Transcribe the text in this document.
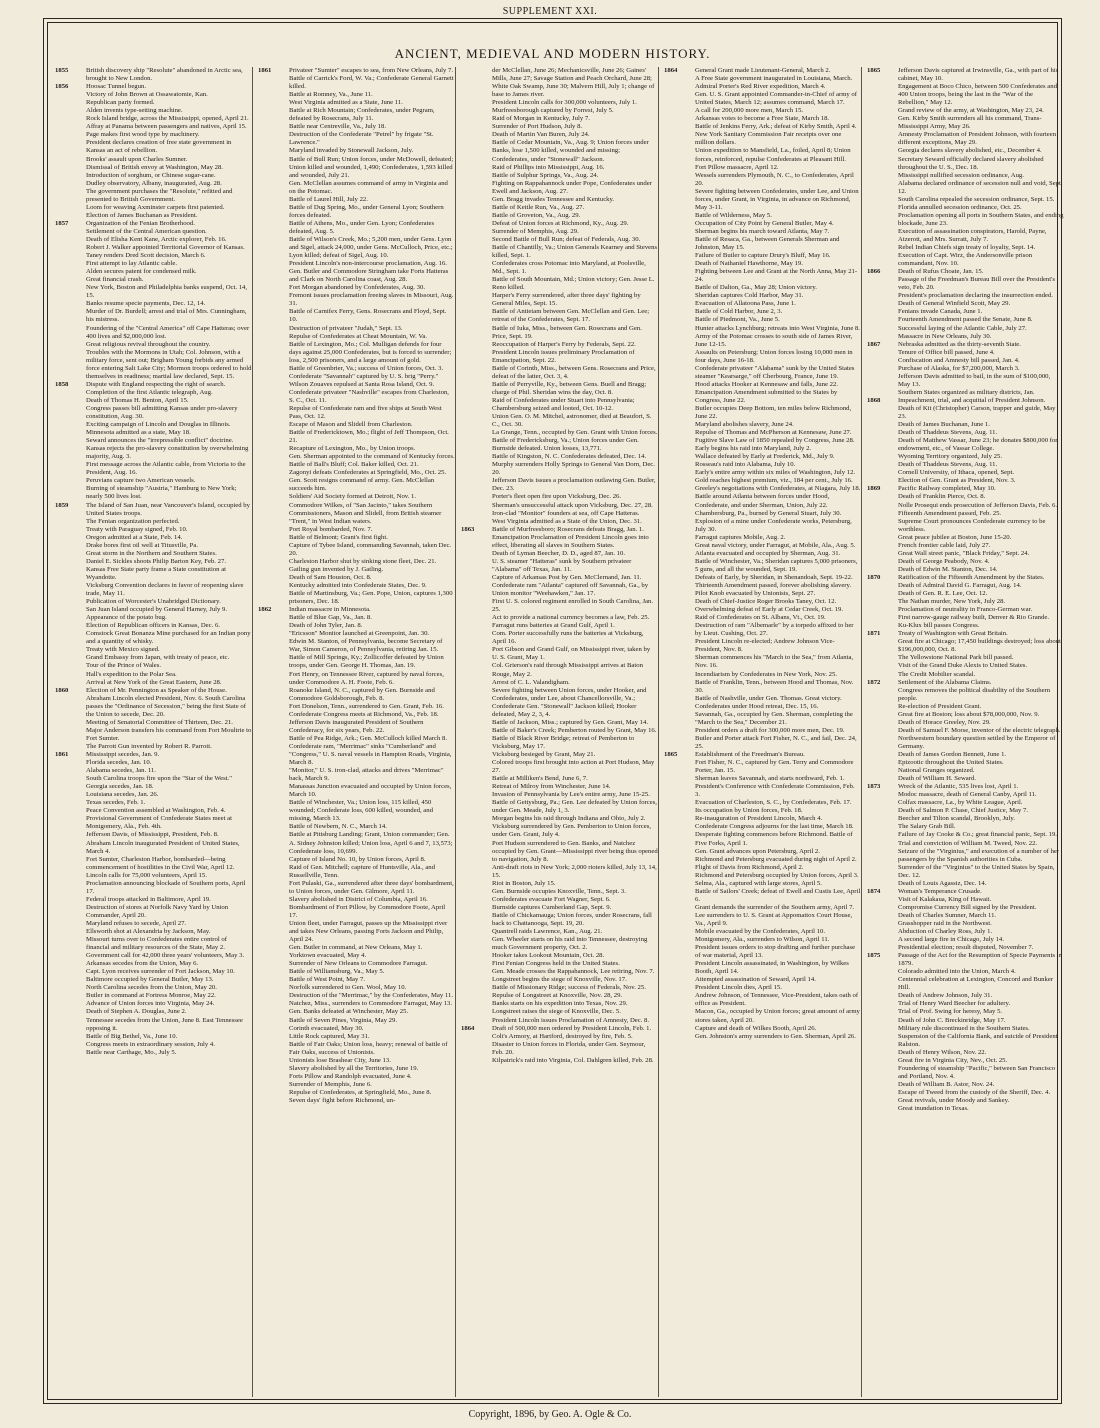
SUPPLEMENT XXI.
ANCIENT, MEDIEVAL AND MODERN HISTORY.
1855	British discovery ship "Resolute" abandoned in Arctic sea, brought to New London.
1856	Hoosac Tunnel begun.
Victory of John Brown at Ossawatomie, Kan.
Republican party formed.
Alden invents type-setting machine.
Rock Island bridge, across the Mississippi, opened, April 21.
Affray at Panama between passengers and natives, April 15.
Page makes first wood type by machinery.
President declares creation of free state government in Kansas an act of rebellion.
Brooks' assault upon Charles Sumner.
Dismissal of British envoy at Washington, May 28.
Introduction of sorghum, or Chinese sugar-cane.
Dudley observatory, Albany, inaugurated, Aug. 28.
The government purchases the "Resolute," refitted and presented to British Government.
Loom for weaving Axminster carpets first patented.
Election of James Buchanan as President.
1857	Organization of the Fenian Brotherhood.
Settlement of the Central American question.
Death of Elisha Kent Kane, Arctic explorer, Feb. 16.
Robert J. Walker appointed Territorial Governor of Kansas.
Taney renders Dred Scott decision, March 6.
First attempt to lay Atlantic cable.
Alden secures patent for condensed milk.
Great financial crash.
New York, Boston and Philadelphia banks suspend, Oct. 14, 15.
Banks resume specie payments, Dec. 12, 14.
Murder of Dr. Burdell; arrest and trial of Mrs. Cunningham, his mistress.
Foundering of the "Central America" off Cape Hatteras; over 400 lives and $2,000,000 lost.
Great religious revival throughout the country.
Troubles with the Mormons in Utah; Col. Johnson, with a military force, sent out; Brigham Young forbids any armed force entering Salt Lake City; Mormon troops ordered to hold themselves in readiness; martial law declared, Sept. 15.
1858	Dispute with England respecting the right of search.
Completion of the first Atlantic telegraph, Aug.
Death of Thomas H. Benton, April 15.
Congress passes bill admitting Kansas under pro-slavery constitution, Aug. 30.
Exciting campaign of Lincoln and Douglas in Illinois.
Minnesota admitted as a state, May 18.
Seward announces the "irrepressible conflict" doctrine.
Kansas rejects the pro-slavery constitution by overwhelming majority, Aug. 3.
First message across the Atlantic cable, from Victoria to the President, Aug. 16.
Peruvians capture two American vessels.
Burning of steamship "Austria," Hamburg to New York; nearly 500 lives lost.
1859	The Island of San Juan, near Vancouver's Island, occupied by United States troops.
The Fenian organization perfected.
Treaty with Paraguay signed, Feb. 10.
Oregon admitted at a State, Feb. 14.
Drake bores first oil well at Titusville, Pa.
Great storm in the Northern and Southern States.
Daniel E. Sickles shoots Philip Barton Key, Feb. 27.
Kansas Free State party frame a State constitution at Wyandotte.
Vicksburg Convention declares in favor of reopening slave trade, May 11.
Publication of Worcester's Unabridged Dictionary.
San Juan Island occupied by General Harney, July 9.
Appearance of the potato bug.
Election of Republican officers in Kansas, Dec. 6.
Comstock Great Bonanza Mine purchased for an Indian pony and a quantity of whisky.
Treaty with Mexico signed.
Grand Embassy from Japan, with treaty of peace, etc.
Tour of the Prince of Wales.
Hall's expedition to the Polar Sea.
Arrival at New York of the Great Eastern, June 28.
1860	Election of Mr. Pennington as Speaker of the House.
Abraham Lincoln elected President, Nov. 6. South Carolina passes the "Ordinance of Secession," being the first State of the Union to secede, Dec. 20.
Meeting of Senatorial Committee of Thirteen, Dec. 21.
Major Anderson transfers his command from Fort Moultrie to Fort Sumter.
The Parrott Gun invented by Robert R. Parrott.
1861	Mississippi secedes, Jan. 9.
Florida secedes, Jan. 10.
Alabama secedes, Jan. 11.
South Carolina troops fire upon the "Star of the West."
Georgia secedes, Jan. 18.
Louisiana secedes, Jan. 26.
Texas secedes, Feb. 1.
Peace Convention assembled at Washington, Feb. 4.
Provisional Government of Confederate States meet at Montgomery, Ala., Feb. 4th.
Jefferson Davis, of Mississippi, President, Feb. 8.
Abraham Lincoln inaugurated President of United States, March 4.
Fort Sumter, Charleston Harbor, bombarded—being commencement of hostilities in the Civil War, April 12.
Lincoln calls for 75,000 volunteers, April 15.
Proclamation announcing blockade of Southern ports, April 17.
Federal troops attacked in Baltimore, April 19.
Destruction of stores at Norfolk Navy Yard by Union Commander, April 20.
Maryland refuses to secede, April 27.
Ellsworth shot at Alexandria by Jackson, May.
Missouri turns over to Confederates entire control of financial and military resources of the State, May 2.
Government call for 42,000 three years' volunteers, May 3.
Arkansas secedes from the Union, May 6.
Capt. Lyon receives surrender of Fort Jackson, May 10.
Baltimore occupied by General Butler, May 13.
North Carolina secedes from the Union, May 20.
Butler in command at Fortress Monroe, May 22.
Advance of Union forces into Virginia, May 24.
Death of Stephen A. Douglas, June 2.
Tennessee secedes from the Union, June 8. East Tennessee opposing it.
Battle of Big Bethel, Va., June 10.
Congress meets in extraordinary session, July 4.
Battle near Carthage, Mo., July 5.
1861	Privateer "Sumter" escapes to sea, from New Orleans, July 7.
Battle of Carrick's Ford, W. Va.; Confederate General Garnett killed.
Battle at Romney, Va., June 11.
West Virginia admitted as a State, June 11.
Battle at Rich Mountain; Confederates, under Pegram, defeated by Rosecrans, July 11.
Battle near Centreville, Va., July 18.
Destruction of the Confederate "Petrel" by frigate "St. Lawrence."
Maryland invaded by Stonewall Jackson, July.
Battle of Bull Run; Union forces, under McDowell, defeated; Union killed and wounded, 1,490; Confederates, 1,593 killed and wounded, July 21.
Gen. McClellan assumes command of army in Virginia and on the Potomac.
Battle of Laurel Hill, July 22.
Battle of Dug Spring, Mo., under General Lyon; Southern forces defeated.
Battle of Athens, Mo., under Gen. Lyon; Confederates defeated, Aug. 5.
Battle of Wilson's Creek, Mo.; 5,200 men, under Gens. Lyon and Sigel, attack 24,000, under Gens. McCulloch, Price, etc.; Lyon killed; defeat of Sigel, Aug. 10.
President Lincoln's non-intercourse proclamation, Aug. 16.
Gen. Butler and Commodore Stringham take Forts Hatteras and Clark on North Carolina coast, Aug. 28.
Fort Morgan abandoned by Confederates, Aug. 30.
Fremont issues proclamation freeing slaves in Missouri, Aug. 31.
Battle of Carnifex Ferry, Gens. Rosecrans and Floyd, Sept. 10.
Destruction of privateer "Judah," Sept. 13.
Repulse of Confederates at Cheat Mountain, W. Va.
Battle of Lexington, Mo.; Col. Mulligan defends for four days against 25,000 Confederates, but is forced to surrender; loss, 2,500 prisoners, and a large amount of gold.
Battle of Greenbrier, Va.; success of Union forces, Oct. 3.
Confederate "Savannah" captured by U. S. brig "Perry."
Wilson Zouaves repulsed at Santa Rosa Island, Oct. 9.
Confederate privateer "Nashville" escapes from Charleston, S. C., Oct. 11.
Repulse of Confederate ram and five ships at South West Pass, Oct. 12.
Escape of Mason and Slidell from Charleston.
Battle of Fredericktown, Mo.; flight of Jeff Thompson, Oct. 21.
Recapture of Lexington, Mo., by Union troops.
Gen. Sherman appointed to the command of Kentucky forces.
Battle of Ball's Bluff; Col. Baker killed, Oct. 21.
Zagonyi defeats Confederates at Springfield, Mo., Oct. 25.
Gen. Scott resigns command of army. Gen. McClellan succeeds him.
Soldiers' Aid Society formed at Detroit, Nov. 1.
Commodore Wilkes, of "San Jacinto," takes Southern Commissioners, Mason and Slidell, from British steamer "Trent," in West Indian waters.
Port Royal bombarded, Nov. 7.
Battle of Belmont; Grant's first fight.
Capture of Tybee Island, commanding Savannah, taken Dec. 20.
Charleston Harbor shut by sinking stone fleet, Dec. 21.
Gatling gun invented by J. Gatling.
Death of Sam Houston, Oct. 8.
Kentucky admitted into Confederate States, Dec. 9.
Battle of Martinsburg, Va.; Gen. Pope, Union, captures 1,300 prisoners, Dec. 18.
1862	Indian massacre in Minnesota.
Battle of Blue Gap, Va., Jan. 8.
Death of John Tyler, Jan. 8.
"Ericsson" Monitor launched at Greenpoint, Jan. 30.
Edwin M. Stanton, of Pennsylvania, become Secretary of War, Simon Cameron, of Pennsylvania, retiring Jan. 15.
Battle of Mill Springs, Ky.; Zollicoffer defeated by Union troops, under Gen. George H. Thomas, Jan. 19.
Fort Henry, on Tennessee River, captured by naval forces, under Commodore A. H. Foote, Feb. 6.
Roanoke Island, N. C., captured by Gen. Burnside and Commodore Goldsborough, Feb. 8.
Fort Donelson, Tenn., surrendered to Gen. Grant, Feb. 16.
Confederate Congress meets at Richmond, Va., Feb. 18.
Jefferson Davis inaugurated President of Southern Confederacy, for six years, Feb. 22.
Battle of Pea Ridge, Ark.; Gen. McCulloch killed March 8.
Confederate ram, "Merrimac" sinks "Cumberland" and "Congress," U. S. naval vessels in Hampton Roads, Virginia, March 8.
"Monitor," U. S. iron-clad, attacks and drives "Merrimac" back, March 9.
Manassas Junction evacuated and occupied by Union forces, March 10.
Battle of Winchester, Va.; Union loss, 115 killed, 450 wounded; Confederate loss, 600 killed, wounded, and missing, March 13.
Battle of Newbern, N. C., March 14.
Battle at Pittsburg Landing; Grant, Union commander; Gen. A. Sidney Johnston killed; Union loss, April 6 and 7, 13,573; Confederate loss, 10,699.
Capture of Island No. 10, by Union forces, April 8.
Raid of Gen. Mitchell; capture of Huntsville, Ala., and Russellville, Tenn.
Fort Pulaski, Ga., surrendered after three days' bombardment, to Union forces, under Gen. Gilmore, April 11.
Slavery abolished in District of Columbia, April 16.
Bombardment of Fort Pillow, by Commodore Foote, April 17.
Union fleet, under Farragut, passes up the Mississippi river and takes New Orleans, passing Forts Jackson and Philip, April 24.
Gen. Butler in command, at New Orleans, May 1.
Yorktown evacuated, May 4.
Surrender of New Orleans to Commodore Farragut.
Battle of Williamsburg, Va., May 5.
Battle of West Point, May 7.
Norfolk surrendered to Gen. Wool, May 10.
Destruction of the "Merrimac," by the Confederates, May 11.
Natchez, Miss., surrenders to Commodore Farragut, May 13.
Gen. Banks defeated at Winchester, May 25.
Battle of Seven Pines, Virginia, May 29.
Corinth evacuated, May 30.
Little Rock captured, May 31.
Battle of Fair Oaks; Union loss, heavy; renewal of battle of Fair Oaks, success of Unionists.
Unionists lose Brashear City, June 13.
Slavery abolished by all the Territories, June 19.
Forts Pillow and Randolph evacuated, June 4.
Surrender of Memphis, June 6.
Repulse of Confederates, at Springfield, Mo., June 8.
Seven days' fight before Richmond, un-
der McClellan, June 26; Mechanicsville, June 26; Gaines' Mills, June 27; Savage Station and Peach Orchard, June 28; White Oak Swamp, June 30; Malvern Hill, July 1; change of base to James river.
President Lincoln calls for 300,000 volunteers, July 1.
Murfreesborough captured by Forrest, July 5.
Raid of Morgan in Kentucky, July 7.
Surrender of Port Hudson, July 8.
Death of Martin Van Buren, July 24.
Battle of Cedar Mountain, Va., Aug. 9; Union forces under Banks, lose 1,500 killed, wounded and missing; Confederates, under "Stonewall" Jackson.
Raid of Phillips into Mississippi, Aug. 16.
Battle of Sulphur Springs, Va., Aug. 24.
Fighting on Rappahannock under Pope, Confederates under Ewell and Jackson, Aug. 27.
Gen. Bragg invades Tennessee and Kentucky.
Battle of Kettle Run, Va., Aug. 27.
Battle of Groveton, Va., Aug. 29.
Defeat of Union forces at Richmond, Ky., Aug. 29.
Surrender of Memphis, Aug. 29.
Second Battle of Bull Run; defeat of Federals, Aug. 30.
Battle of Chantilly, Va.; Union Generals Kearney and Stevens killed, Sept. 1.
Confederates cross Potomac into Maryland, at Poolsville, Md., Sept. 1.
Battle of South Mountain, Md.; Union victory; Gen. Jesse L. Reno killed.
Harper's Ferry surrendered, after three days' fighting by General Miles, Sept. 15.
Battle of Antietam between Gen. McClellan and Gen. Lee; retreat of the Confederates, Sept. 17.
Battle of Iuka, Miss., between Gen. Rosecrans and Gen. Price, Sept. 19.
Reoccupation of Harper's Ferry by Federals, Sept. 22.
President Lincoln issues preliminary Proclamation of Emancipation, Sept. 22.
Battle of Corinth, Miss., between Gens. Rosecrans and Price, defeat of the latter, Oct. 3, 4.
Battle of Perryville, Ky., between Gens. Buell and Bragg; charge of Phil. Sheridan wins the day, Oct. 8.
Raid of Confederates under Stuart into Pennsylvania; Chambersburg seized and looted, Oct. 10-12.
Union Gen. O. M. Mitchel, astronomer, died at Beaufort, S. C., Oct. 30.
La Grange, Tenn., occupied by Gen. Grant with Union forces.
Battle of Fredericksburg, Va.; Union forces under Gen. Burnside defeated. Union losses, 13,771.
Battle of Kingston, N. C. Confederates defeated, Dec. 14.
Murphy surrenders Holly Springs to General Van Dorn, Dec. 20.
Jefferson Davis issues a proclamation outlawing Gen. Butler, Dec. 23.
Porter's fleet open fire upon Vicksburg, Dec. 26.
Sherman's unsuccessful attack upon Vicksburg, Dec. 27, 28.
Iron-clad "Monitor" founders at sea, off Cape Hatteras.
West Virginia admitted as a State of the Union, Dec. 31.
1863	Battle of Murfreesboro; Rosecrans defeats Bragg, Jan. 1.
Emancipation Proclamation of President Lincoln goes into effect, liberating all slaves in Southern States.
Death of Lyman Beecher, D. D., aged 87, Jan. 10.
U. S. steamer "Hatteras" sunk by Southern privateer "Alabama" off Texas, Jan. 11.
Capture of Arkansas Post by Gen. McClernand, Jan. 11.
Confederate ram "Atlanta" captured off Savannah, Ga., by Union monitor "Weehawken," Jan. 17.
First U. S. colored regiment enrolled in South Carolina, Jan. 25.
Act to provide a national currency becomes a law, Feb. 25.
Farragut runs batteries at Grand Gulf, April 1.
Com. Porter successfully runs the batteries at Vicksburg, April 16.
Port Gibson and Grand Gulf, on Mississippi river, taken by U. S. Grant, May 1.
Col. Grierson's raid through Mississippi arrives at Baton Rouge, May 2.
Arrest of C. L. Valandigham.
Severe fighting between Union forces, under Hooker, and Confederates, under Lee, about Chancellorsville, Va.; Confederate Gen. "Stonewall" Jackson killed; Hooker defeated, May 2, 3, 4.
Battle of Jackson, Miss.; captured by Gen. Grant, May 14.
Battle of Baker's Creek; Pemberton routed by Grant, May 16.
Battle of Black River Bridge; retreat of Pemberton to Vicksburg, May 17.
Vicksburg besieged by Grant, May 21.
Colored troops first brought into action at Port Hudson, May 27.
Battle at Milliken's Bend, June 6, 7.
Retreat of Milroy from Winchester, June 14.
Invasion of Pennsylvania by Lee's entire army, June 15-25.
Battle of Gettysburg, Pa.; Gen. Lee defeated by Union forces, under Gen. Meade, July 1, 3.
Morgan begins his raid through Indiana and Ohio, July 2.
Vicksburg surrendered by Gen. Pemberton to Union forces, under Gen. Grant, July 4.
Port Hudson surrendered to Gen. Banks, and Natchez occupied by Gen. Grant—Mississippi river being thus opened to navigation, July 8.
Anti-draft riots in New York; 2,000 rioters killed, July 13, 14, 15.
Riot in Boston, July 15.
Gen. Burnside occupies Knoxville, Tenn., Sept. 3.
Confederates evacuate Fort Wagner, Sept. 6.
Burnside captures Cumberland Gap, Sept. 9.
Battle of Chickamauga; Union forces, under Rosecrans, fall back to Chattanooga, Sept. 19, 20.
Quantrell raids Lawrence, Kan., Aug. 21.
Gen. Wheeler starts on his raid into Tennessee, destroying much Government property, Oct. 2.
Hooker takes Lookout Mountain, Oct. 28.
First Fenian Congress held in the United States.
Gen. Meade crosses the Rappahannock, Lee retiring, Nov. 7.
Longstreet begins the siege of Knoxville, Nov. 17.
Battle of Missionary Ridge; success of Federals, Nov. 25.
Repulse of Longstreet at Knoxville, Nov. 28, 29.
Banks starts on his expedition into Texas, Nov. 29.
Longstreet raises the siege of Knoxville, Dec. 5.
President Lincoln issues Proclamation of Amnesty, Dec. 8.
1864	Draft of 500,000 men ordered by President Lincoln, Feb. 1.
Colt's Armory, at Hartford, destroyed by fire, Feb. 5.
Disaster to Union forces in Florida, under Gen. Seymour, Feb. 20.
Kilpatrick's raid into Virginia, Col. Dahlgren killed, Feb. 28.
1864	General Grant made Lieutenant-General, March 2.
A Free State government inaugurated in Louisiana, March.
Admiral Porter's Red River expedition, March 4.
Gen. U. S. Grant appointed Commander-in-Chief of army of United States, March 12; assumes command, March 17.
A call for 200,000 more men, March 15.
Arkansas votes to become a Free State, March 18.
Battle of Jenkins Ferry, Ark.; defeat of Kirby Smith, April 4.
New York Sanitary Commission Fair receipts over one million dollars.
Union expedition to Mansfield, La., foiled, April 8; Union forces, reinforced, repulse Confederates at Pleasant Hill.
Fort Pillow massacre, April 12.
Wessels surrenders Plymouth, N. C., to Confederates, April 20.
Severe fighting between Confederates, under Lee, and Union forces, under Grant, in Virginia, in advance on Richmond, May 3-11.
Battle of Wilderness, May 5.
Occupation of City Point by General Butler, May 4.
Sherman begins his march toward Atlanta, May 7.
Battle of Resaca, Ga., between Generals Sherman and Johnston, May 15.
Failure of Butler to capture Drury's Bluff, May 16.
Death of Nathaniel Hawthorne, May 19.
Fighting between Lee and Grant at the North Anna, May 21-24.
Battle of Dalton, Ga., May 28; Union victory.
Sheridan captures Cold Harbor, May 31.
Evacuation of Allatoona Pass, June 1.
Battle of Cold Harbor, June 2, 3.
Battle of Piedmont, Va., June 5.
Hunter attacks Lynchburg; retreats into West Virginia, June 8.
Army of the Potomac crosses to south side of James River, June 12-15.
Assaults on Petersburg; Union forces losing 10,000 men in four days, June 16-18.
Confederate privateer "Alabama" sunk by the United States steamer "Kearsarge," off Cherbourg, France, June 19.
Hood attacks Hooker at Kennesaw and falls, June 22.
Emancipation Amendment submitted to the States by Congress, June 22.
Butler occupies Deep Bottom, ten miles below Richmond, June 22.
Maryland abolishes slavery, June 24.
Repulse of Thomas and McPherson at Kennesaw, June 27.
Fugitive Slave Law of 1850 repealed by Congress, June 28.
Early begins his raid into Maryland, July 2.
Wallace defeated by Early at Frederick, Md., July 9.
Rosseau's raid into Alabama, July 10.
Early's entire army within six miles of Washington, July 12.
Gold reaches highest premium, viz., 184 per cent., July 16.
Greeley's negotiations with Confederates, at Niagara, July 18.
Battle around Atlanta between forces under Hood, Confederate, and under Sherman, Union, July 22.
Chambersburg, Pa., burned by General Stuart, July 30.
Explosion of a mine under Confederate works, Petersburg, July 30.
Farragut captures Mobile, Aug. 2.
Great naval victory, under Farragut, at Mobile, Ala., Aug. 5.
Atlanta evacuated and occupied by Sherman, Aug. 31.
Battle of Winchester, Va.; Sheridan captures 5,000 prisoners, 5 guns, and all the wounded, Sept. 19.
Defeats of Early, by Sheridan, in Shenandoah, Sept. 19-22.
Thirteenth Amendment passed, forever abolishing slavery.
Pilot Knob evacuated by Unionists, Sept. 27.
Death of Chief-Justice Roger Brooks Taney, Oct. 12.
Overwhelming defeat of Early at Cedar Creek, Oct. 19.
Raid of Confederates on St. Albans, Vt., Oct. 19.
Destruction of ram "Albemarle" by a torpedo affixed to her by Lieut. Cushing, Oct. 27.
President Lincoln re-elected; Andrew Johnson Vice-President, Nov. 8.
Sherman commences his "March to the Sea," from Atlanta, Nov. 16.
Incendiarism by Confederates in New York, Nov. 25.
Battle of Franklin, Tenn., between Hood and Thomas, Nov. 30.
Battle of Nashville, under Gen. Thomas. Great victory. Confederates under Hood retreat, Dec. 15, 16.
Savannah, Ga., occupied by Gen. Sherman, completing the "March to the Sea," December 21.
President orders a draft for 300,000 more men, Dec. 19.
Butler and Porter attack Fort Fisher, N. C., and fail, Dec. 24, 25.
1865	Establishment of the Freedman's Bureau.
Fort Fisher, N. C., captured by Gen. Terry and Commodore Porter, Jan. 15.
Sherman leaves Savannah, and starts northward, Feb. 1.
President's Conference with Confederate Commission, Feb. 3.
Evacuation of Charleston, S. C., by Confederates, Feb. 17.
Its occupation by Union forces, Feb. 18.
Re-inauguration of President Lincoln, March 4.
Confederate Congress adjourns for the last time, March 18.
Desperate fighting commences before Richmond. Battle of Five Forks, April 1.
Gen. Grant advances upon Petersburg, April 2.
Richmond and Petersburg evacuated during night of April 2.
Flight of Davis from Richmond, April 2.
Richmond and Petersburg occupied by Union forces, April 3.
Selma, Ala., captured with large stores, April 5.
Battle of Sailors' Creek; defeat of Ewell and Custis Lee, April 6.
Grant demands the surrender of the Southern army, April 7.
Lee surrenders to U. S. Grant at Appomattox Court House, Va., April 9.
Mobile evacuated by the Confederates, April 10.
Montgomery, Ala., surrenders to Wilson, April 11.
President issues orders to stop drafting and further purchase of war material, April 13.
President Lincoln assassinated, in Washington, by Wilkes Booth, April 14.
Attempted assassination of Seward, April 14.
President Lincoln dies, April 15.
Andrew Johnson, of Tennessee, Vice-President, takes oath of office as President.
Macon, Ga., occupied by Union forces; great amount of army stores taken, April 20.
Capture and death of Wilkes Booth, April 26.
Gen. Johnston's army surrenders to Gen. Sherman, April 26.
1865	Jefferson Davis captured at Irwinsville, Ga., with part of his cabinet, May 10.
Engagement at Boco Chico, between 500 Confederates and 400 Union troops, being the last in the "War of the Rebellion," May 12.
Grand review of the army, at Washington, May 23, 24.
Gen. Kirby Smith surrenders all his command, Trans-Mississippi Army, May 26.
Amnesty Proclamation of President Johnson, with fourteen different exceptions, May 29.
Georgia declares slavery abolished, etc., December 4.
Secretary Seward officially declared slavery abolished throughout the U. S., Dec. 18.
Mississippi nullified secession ordinance, Aug.
Alabama declared ordinance of secession null and void, Sept. 12.
South Carolina repealed the secession ordinance, Sept. 15.
Florida annulled secession ordinance, Oct. 25.
Proclamation opening all ports in Southern States, and ending blockade, June 23.
Execution of assassination conspirators, Harold, Payne, Atzerott, and Mrs. Surratt, July 7.
Rebel Indian Chiefs sign treaty of loyalty, Sept. 14.
Execution of Capt. Wirz, the Andersonville prison commandant, Nov. 10.
1866	Death of Rufus Choate, Jan. 15.
Passage of the Freedman's Bureau Bill over the President's veto, Feb. 20.
President's proclamation declaring the insurrection ended.
Death of General Winfield Scott, May 29.
Fenians invade Canada, June 1.
Fourteenth Amendment passed the Senate, June 8.
Successful laying of the Atlantic Cable, July 27.
Massacre in New Orleans, July 30.
1867	Nebraska admitted as the thirty-seventh State.
Tenure of Office bill passed, June 4.
Confiscation and Amnesty bill passed, Jan. 4.
Purchase of Alaska, for $7,200,000, March 3.
Jefferson Davis admitted to bail, in the sum of $100,000, May 13.
Southern States organized as military districts, Jan.
1868	Impeachment, trial, and acquittal of President Johnson.
Death of Kit (Christopher) Carson, trapper and guide, May 23.
Death of James Buchanan, June 1.
Death of Thaddeus Stevens, Aug. 11.
Death of Matthew Vassar, June 23; he donates $800,000 for endowment, etc., of Vassar College.
Wyoming Territory organized, July 25.
Death of Thaddeus Stevens, Aug. 11.
Cornell University, of Ithaca, opened, Sept.
Election of Gen. Grant as President, Nov. 3.
1869	Pacific Railway completed, May 10.
Death of Franklin Pierce, Oct. 8.
Nolle Prosequi ends prosecution of Jefferson Davis, Feb. 6.
Fifteenth Amendment passed, Feb. 25.
Supreme Court pronounces Confederate currency to be worthless.
Great peace jubilee at Boston, June 15-20.
French frontier cable laid, July 27.
Great Wall street panic, "Black Friday," Sept. 24.
Death of George Peabody, Nov. 4.
Death of Edwin M. Stanton, Dec. 14.
1870	Ratification of the Fifteenth Amendment by the States.
Death of Admiral David G. Farragut, Aug. 14.
Death of Gen. R. E. Lee, Oct. 12.
The Nathan murder, New York, July 28.
Proclamation of neutrality in Franco-German war.
First narrow-gauge railway built, Denver & Rio Grande.
Ku-Klux bill passes Congress.
1871	Treaty of Washington with Great Britain.
Great fire at Chicago; 17,450 buildings destroyed; loss about $196,000,000, Oct. 8.
The Yellowstone National Park bill passed.
Visit of the Grand Duke Alexis to United States.
The Credit Mobilier scandal.
1872	Settlement of the Alabama Claims.
Congress removes the political disability of the Southern people.
Re-election of President Grant.
Great fire at Boston; loss about $78,000,000, Nov. 9.
Death of Horace Greeley, Nov. 29.
Death of Samuel F. Morse, inventor of the electric telegraph.
Northwestern boundary question settled by the Emperor of Germany.
Death of James Gordon Bennett, June 1.
Epizootic throughout the United States.
National Granges organized.
Death of William H. Seward.
1873	Wreck of the Atlantic, 535 lives lost, April 1.
Modoc massacre, death of General Canby, April 11.
Colfax massacre, La., by White League, April.
Death of Salmon P. Chase, Chief Justice, May 7.
Beecher and Tilton scandal, Brooklyn, July.
The Salary Grab Bill.
Failure of Jay Cooke & Co.; great financial panic, Sept. 19.
Trial and conviction of William M. Tweed, Nov. 22.
Seizure of the "Virginius," and execution of a number of her passengers by the Spanish authorities in Cuba.
Surrender of the "Virginius" to the United States by Spain, Dec. 12.
Death of Louis Agassiz, Dec. 14.
1874	Woman's Temperance Crusade.
Visit of Kalakaua, King of Hawaii.
Compromise Currency Bill signed by the President.
Death of Charles Sumner, March 11.
Grasshopper raid in the Northwest.
Abduction of Charley Ross, July 1.
A second large fire in Chicago, July 14.
Presidential election; result disputed, November 7.
1875	Passage of the Act for the Resumption of Specie Payments in 1879.
Colorado admitted into the Union, March 4.
Centennial celebration at Lexington, Concord and Bunker Hill.
Death of Andrew Johnson, July 31.
Trial of Henry Ward Beecher for adultery.
Trial of Prof. Swing for heresy, May 5.
Death of John C. Breckinridge, May 17.
Military rule discontinued in the Southern States.
Suspension of the California Bank, and suicide of President Ralston.
Death of Henry Wilson, Nov. 22.
Great fire in Virginia City, Nev., Oct. 25.
Foundering of steamship "Pacific," between San Francisco and Portland, Nov. 4.
Death of William B. Astor, Nov. 24.
Escape of Tweed from the custody of the Sheriff, Dec. 4.
Great revivals, under Moody and Sankey.
Great inundation in Texas.
Copyright, 1896, by Geo. A. Ogle & Co.
